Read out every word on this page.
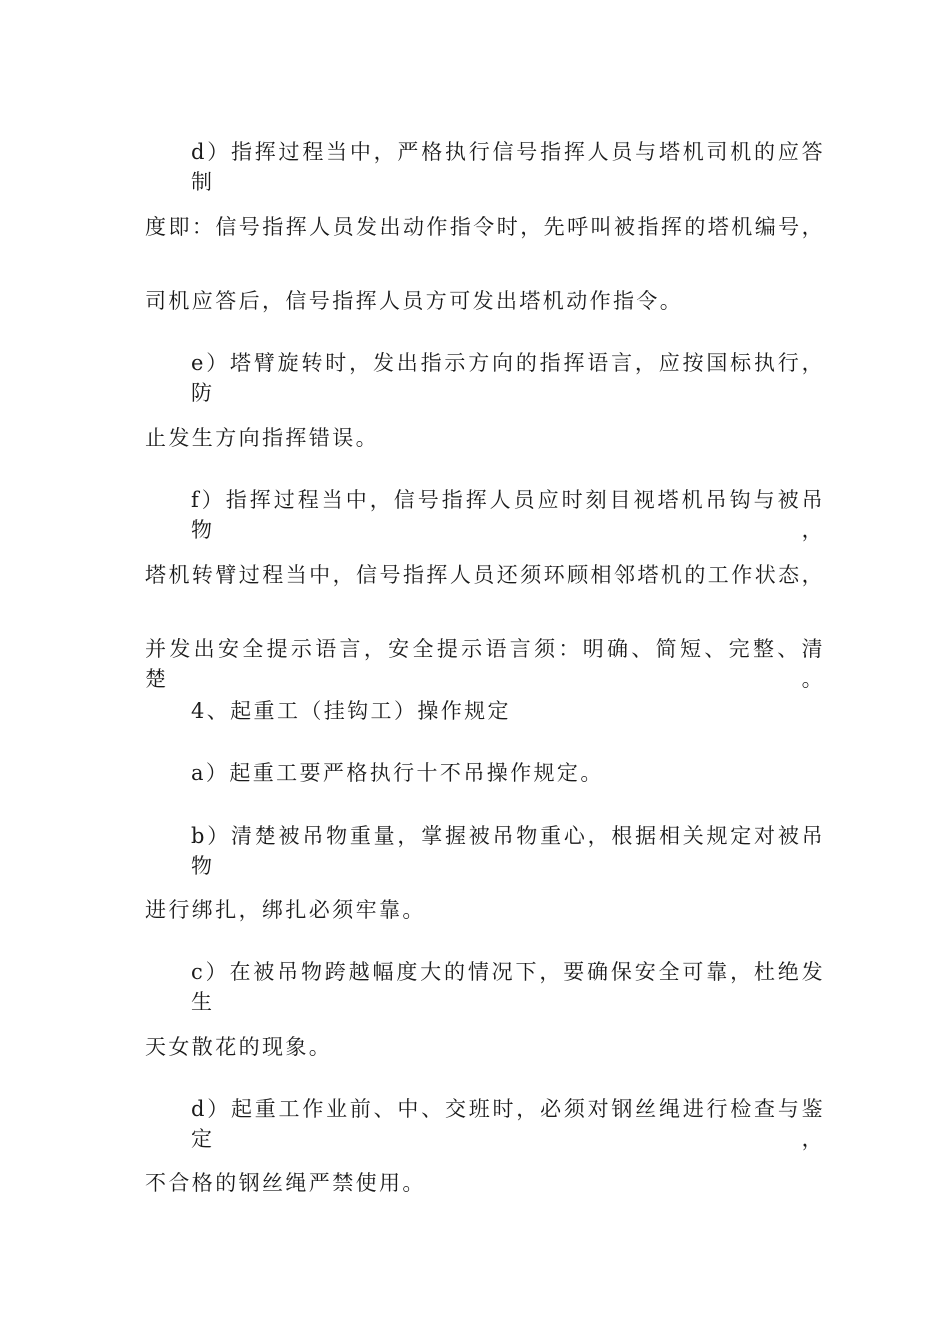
d）指挥过程当中，严格执行信号指挥人员与塔机司机的应答制
度即：信号指挥人员发出动作指令时，先呼叫被指挥的塔机编号，
司机应答后，信号指挥人员方可发出塔机动作指令。
e）塔臂旋转时，发出指示方向的指挥语言，应按国标执行，防
止发生方向指挥错误。
f）指挥过程当中，信号指挥人员应时刻目视塔机吊钩与被吊物，
塔机转臂过程当中，信号指挥人员还须环顾相邻塔机的工作状态，
并发出安全提示语言，安全提示语言须：明确、简短、完整、清楚。
4、起重工（挂钩工）操作规定
a）起重工要严格执行十不吊操作规定。
b）清楚被吊物重量，掌握被吊物重心，根据相关规定对被吊物
进行绑扎，绑扎必须牢靠。
c）在被吊物跨越幅度大的情况下，要确保安全可靠，杜绝发生
天女散花的现象。
d）起重工作业前、中、交班时，必须对钢丝绳进行检查与鉴定，
不合格的钢丝绳严禁使用。
